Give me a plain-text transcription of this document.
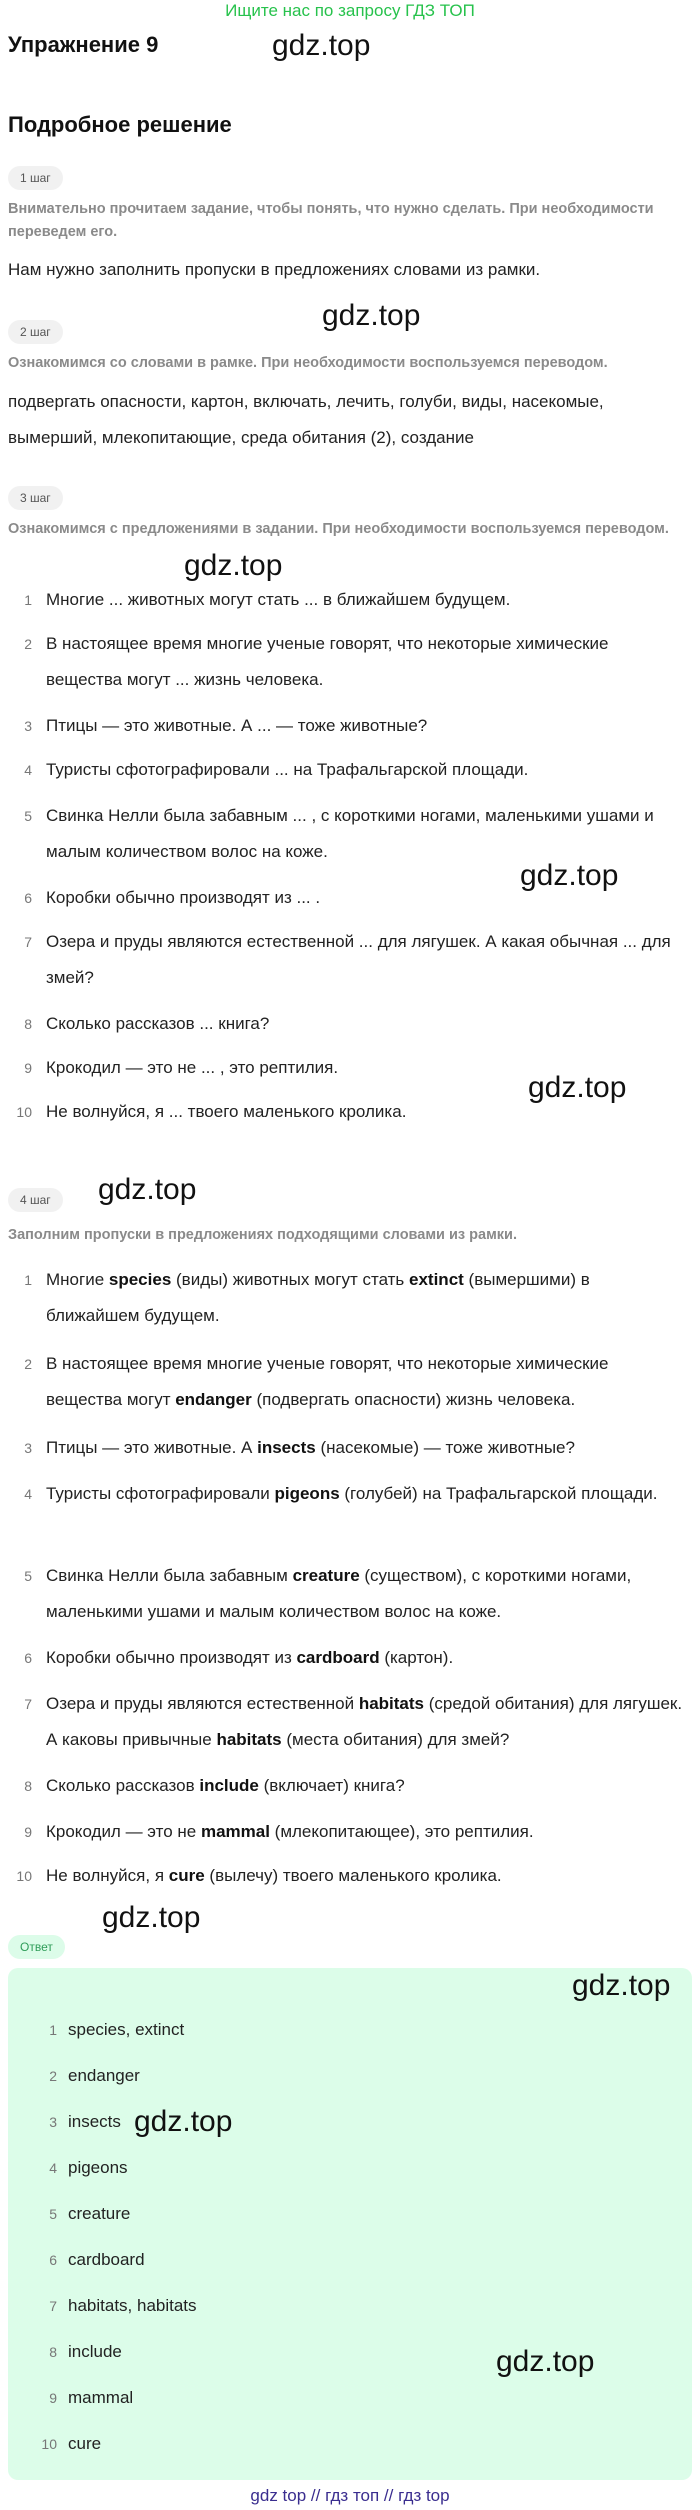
Ищите нас по запросу ГДЗ ТОП
Упражнение 9	gdz.top
gdz.top
gdz.top
gdz.top
gdz.top
gdz.top
gdz.top
Подробное решение
1 шаг
Внимательно прочитаем задание, чтобы понять, что нужно сделать. При необходимости переведем его.
Нам нужно заполнить пропуски в предложениях словами из рамки.
2 шаг
Ознакомимся со словами в рамке. При необходимости воспользуемся переводом.
подвергать опасности, картон, включать, лечить, голуби, виды, насекомые, вымерший, млекопитающие, среда обитания (2), создание
3 шаг
Ознакомимся с предложениями в задании. При необходимости воспользуемся переводом.
1 Многие ... животных могут стать ... в ближайшем будущем.
2 В настоящее время многие ученые говорят, что некоторые химические вещества могут ... жизнь человека.
3 Птицы — это животные. А ... — тоже животные?
4 Туристы сфотографировали ... на Трафальгарской площади.
5 Свинка Нелли была забавным ... , с короткими ногами, маленькими ушами и малым количеством волос на коже.
6 Коробки обычно производят из ... .
7 Озера и пруды являются естественной ... для лягушек. А какая обычная ... для змей?
8 Сколько рассказов ... книга?
9 Крокодил — это не ... , это рептилия.
10 Не волнуйся, я ... твоего маленького кролика.
4 шаг
Заполним пропуски в предложениях подходящими словами из рамки.
1 Многие species (виды) животных могут стать extinct (вымершими) в ближайшем будущем.
2 В настоящее время многие ученые говорят, что некоторые химические вещества могут endanger (подвергать опасности) жизнь человека.
3 Птицы — это животные. А insects (насекомые) — тоже животные?
4 Туристы сфотографировали pigeons (голубей) на Трафальгарской площади.
5 Свинка Нелли была забавным creature (существом), с короткими ногами, маленькими ушами и малым количеством волос на коже.
6 Коробки обычно производят из cardboard (картон).
7 Озера и пруды являются естественной habitats (средой обитания) для лягушек. А каковы привычные habitats (места обитания) для змей?
8 Сколько рассказов include (включает) книга?
9 Крокодил — это не mammal (млекопитающее), это рептилия.
10 Не волнуйся, я cure (вылечу) твоего маленького кролика.
Ответ
gdz.top
gdz.top
gdz.top
1 species, extinct
2 endanger
3 insects
4 pigeons
5 creature
6 cardboard
7 habitats, habitats
8 include
9 mammal
10 cure
gdz top // гдз топ // гдз top
